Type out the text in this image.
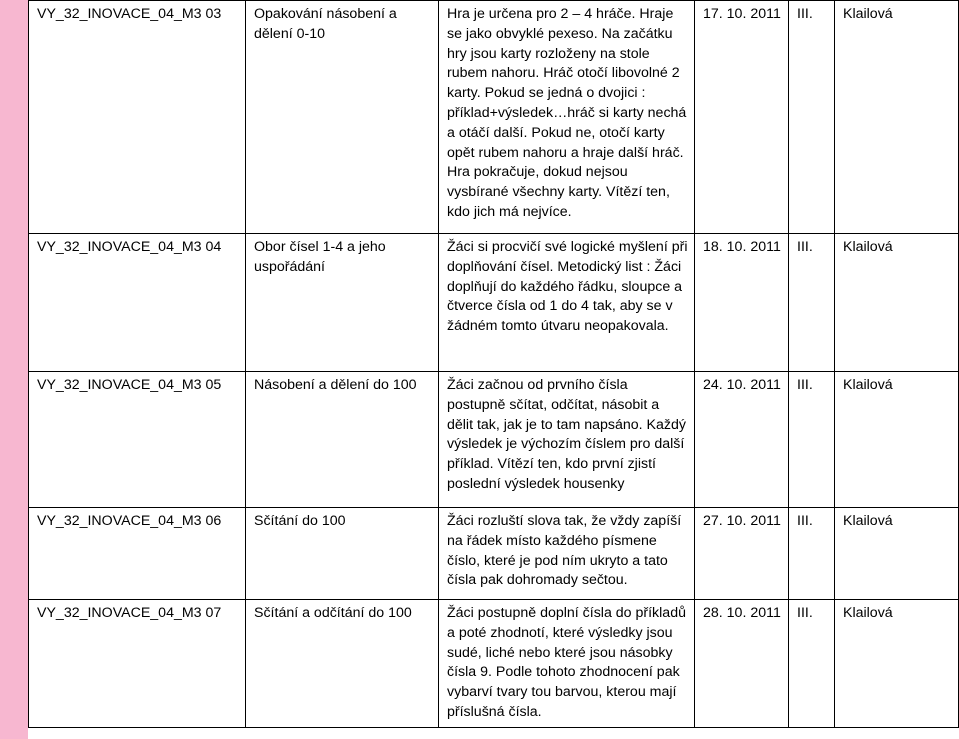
VY_32_INOVACE_04_M3 03	Opakování násobení a dělení 0-10	Hra je určena pro 2 – 4 hráče. Hraje se jako obvyklé pexeso. Na začátku hry jsou karty rozloženy na stole rubem nahoru. Hráč otočí libovolné 2 karty. Pokud se jedná o dvojici : příklad+výsledek…hráč si karty nechá a otáčí další. Pokud ne, otočí karty opět rubem nahoru a hraje další hráč. Hra pokračuje, dokud nejsou vysbírané všechny karty. Vítězí ten, kdo jich má nejvíce.	17. 10. 2011	III.	Klailová
VY_32_INOVACE_04_M3 04	Obor čísel 1-4 a jeho uspořádání	Žáci si procvičí své logické myšlení při doplňování čísel. Metodický list : Žáci doplňují do každého řádku, sloupce a čtverce čísla od 1 do 4 tak, aby se v žádném tomto útvaru neopakovala.	18. 10. 2011	III.	Klailová
VY_32_INOVACE_04_M3 05	Násobení a dělení do 100	Žáci začnou od prvního čísla postupně sčítat, odčítat, násobit a dělit tak, jak je to tam napsáno. Každý výsledek je výchozím číslem pro další příklad. Vítězí ten, kdo první zjistí poslední výsledek housenky	24. 10. 2011	III.	Klailová
VY_32_INOVACE_04_M3 06	Sčítání do 100	Žáci rozluští slova tak, že vždy zapíší na řádek místo každého písmene číslo, které je pod ním ukryto a tato čísla pak dohromady sečtou.	27. 10. 2011	III.	Klailová
VY_32_INOVACE_04_M3 07	Sčítání a odčítání do 100	Žáci postupně doplní čísla do příkladů a poté zhodnotí, které výsledky jsou sudé, liché nebo které jsou násobky čísla 9. Podle tohoto zhodnocení pak vybarví tvary tou barvou, kterou mají příslušná čísla.	28. 10. 2011	III.	Klailová
